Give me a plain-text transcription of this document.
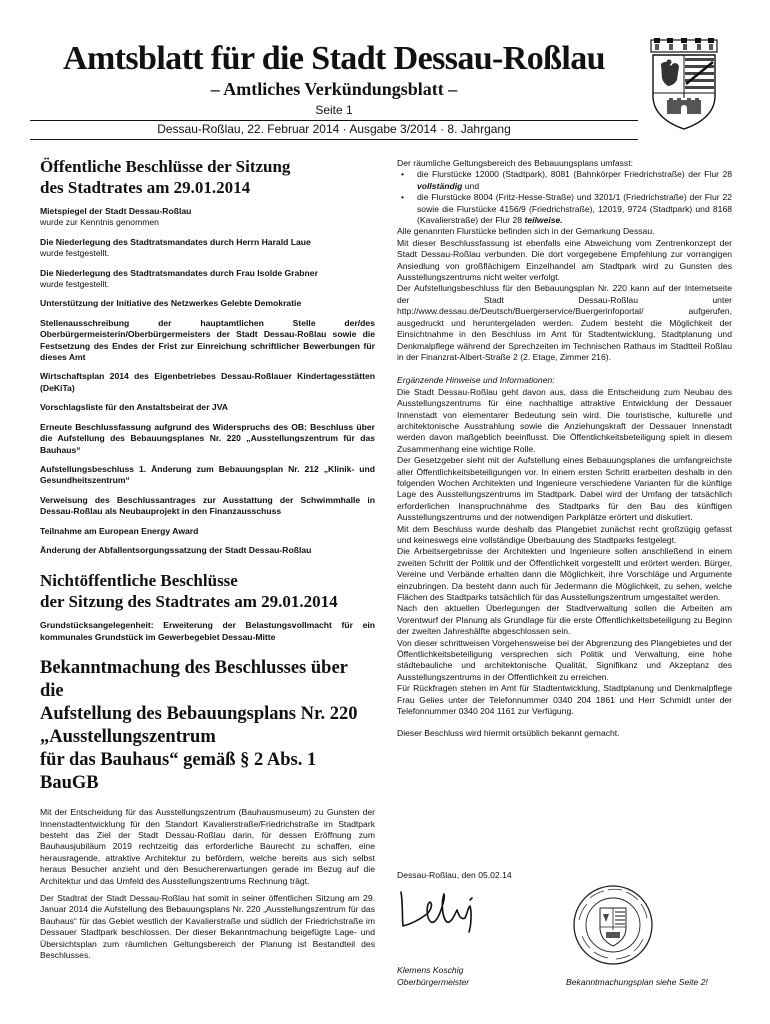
Amtsblatt für die Stadt Dessau-Roßlau
– Amtliches Verkündungsblatt –
Seite 1
Dessau-Roßlau, 22. Februar 2014 · Ausgabe 3/2014 · 8. Jahrgang
Öffentliche Beschlüsse der Sitzung
des Stadtrates am 29.01.2014
Mietspiegel der Stadt Dessau-Roßlau
wurde zur Kenntnis genommen
Die Niederlegung des Stadtratsmandates durch Herrn Harald Laue
wurde festgestellt.
Die Niederlegung des Stadtratsmandates durch Frau Isolde Grabner
wurde festgestellt.
Unterstützung der Initiative des Netzwerkes Gelebte Demokratie
Stellenausschreibung der hauptamtlichen Stelle der/des Oberbürgermeisterin/Oberbürgermeisters der Stadt Dessau-Roßlau sowie die Festsetzung des Endes der Frist zur Einreichung schriftlicher Bewerbungen für dieses Amt
Wirtschaftsplan 2014 des Eigenbetriebes Dessau-Roßlauer Kindertagesstätten (DeKiTa)
Vorschlagsliste für den Anstaltsbeirat der JVA
Erneute Beschlussfassung aufgrund des Widerspruchs des OB: Beschluss über die Aufstellung des Bebauungsplanes Nr. 220 „Ausstellungszentrum für das Bauhaus“
Aufstellungsbeschluss 1. Änderung zum Bebauungsplan Nr. 212 „Klinik- und Gesundheitszentrum“
Verweisung des Beschlussantrages zur Ausstattung der Schwimmhalle in Dessau-Roßlau als Neubauprojekt in den Finanzausschuss
Teilnahme am European Energy Award
Änderung der Abfallentsorgungssatzung der Stadt Dessau-Roßlau
Nichtöffentliche Beschlüsse
der Sitzung des Stadtrates am 29.01.2014
Grundstücksangelegenheit: Erweiterung der Belastungsvollmacht für ein kommunales Grundstück im Gewerbegebiet Dessau-Mitte
Bekanntmachung des Beschlusses über die
Aufstellung des Bebauungsplans Nr. 220
„Ausstellungszentrum
für das Bauhaus“ gemäß § 2 Abs. 1 BauGB

Mit der Entscheidung für das Ausstellungszentrum (Bauhausmuseum) zu Gunsten der Innenstadtentwicklung für den Standort Kavalierstraße/Friedrichstraße im Stadtpark besteht das Ziel der Stadt Dessau-Roßlau darin, für dessen Eröffnung zum Bauhausjubiläum 2019 rechtzeitig das erforderliche Baurecht zu schaffen, eine herausragende, attraktive Architektur zu befördern, welche bereits aus sich selbst heraus Besucher anzieht und den Besuchererwartungen gerade im Bezug auf die Architektur und das Umfeld des Ausstellungszentrums Rechnung trägt.

Der Stadtrat der Stadt Dessau-Roßlau hat somit in seiner öffentlichen Sitzung am 29. Januar 2014 die Aufstellung des Bebauungsplans Nr. 220 „Ausstellungszentrum für das Bauhaus“ für das Gebiet westlich der Kavalierstraße und südlich der Friedrichstraße im Dessauer Stadtpark beschlossen. Der dieser Bekanntmachung beigefügte Lage- und Übersichtsplan zum räumlichen Geltungsbereich der Planung ist Bestandteil des Beschlusses.

Der räumliche Geltungsbereich des Bebauungsplans umfasst:

• die Flurstücke 12000 (Stadtpark), 8081 (Bahnkörper Friedrichstraße) der Flur 28 vollständig und
• die Flurstücke 8004 (Fritz-Hesse-Straße) und 3201/1 (Friedrichstraße) der Flur 22 sowie die Flurstücke 4156/9 (Friedrichstraße), 12019, 9724 (Stadtpark) und 8168 (Kavalierstraße) der Flur 28 teilweise.

Alle genannten Flurstücke befinden sich in der Gemarkung Dessau.

Mit dieser Beschlussfassung ist ebenfalls eine Abweichung vom Zentrenkonzept der Stadt Dessau-Roßlau verbunden. Die dort vorgegebene Empfehlung zur vorrangigen Ansiedlung von großflächigem Einzelhandel am Stadtpark wird zu Gunsten des Ausstellungszentrums nicht weiter verfolgt.

Der Aufstellungsbeschluss für den Bebauungsplan Nr. 220 kann auf der Internetseite der Stadt Dessau-Roßlau unter http://www.dessau.de/Deutsch/Buergerservice/Buergerinfoportal/ aufgerufen, ausgedruckt und heruntergeladen werden. Zudem besteht die Möglichkeit der Einsichtnahme in den Beschluss im Amt für Stadtentwicklung, Stadtplanung und Denkmalpflege während der Sprechzeiten im Technischen Rathaus im Stadtteil Roßlau in der Finanzrat-Albert-Straße 2 (2. Etage, Zimmer 216).

Ergänzende Hinweise und Informationen:

Die Stadt Dessau-Roßlau geht davon aus, dass die Entscheidung zum Neubau des Ausstellungszentrums für eine nachhaltige attraktive Entwicklung der Dessauer Innenstadt von elementarer Bedeutung sein wird. Die touristische, kulturelle und architektonische Ausstrahlung sowie die Anziehungskraft der Dessauer Innenstadt werden davon maßgeblich beeinflusst. Die Öffentlichkeitsbeteiligung spielt in diesem Zusammenhang eine wichtige Rolle.

Der Gesetzgeber sieht mit der Aufstellung eines Bebauungsplanes die umfangreichste aller Öffentlichkeitsbeteiligungen vor. In einem ersten Schritt erarbeiten deshalb in den folgenden Wochen Architekten und Ingenieure verschiedene Varianten für die künftige Lage des Ausstellungszentrums im Stadtpark. Dabei wird der Umfang der tatsächlich erforderlichen Inanspruchnahme des Stadtparks für den Bau des künftigen Ausstellungszentrums und der notwendigen Parkplätze erörtert und diskutiert.

Mit dem Beschluss wurde deshalb das Plangebiet zunächst recht großzügig gefasst und keineswegs eine vollständige Überbauung des Stadtparks festgelegt.

Die Arbeitsergebnisse der Architekten und Ingenieure sollen anschließend in einem zweiten Schritt der Politik und der Öffentlichkeit vorgestellt und erörtert werden. Bürger, Vereine und Verbände erhalten dann die Möglichkeit, ihre Vorschläge und Argumente einzubringen. Da besteht dann auch für Jedermann die Möglichkeit, zu sehen, welche Flächen des Stadtparks tatsächlich für das Ausstellungszentrum umgestaltet werden.

Nach den aktuellen Überlegungen der Stadtverwaltung sollen die Arbeiten am Vorentwurf der Planung als Grundlage für die erste Öffentlichkeitsbeteiligung zu Beginn der zweiten Jahreshälfte abgeschlossen sein.

Von dieser schrittweisen Vorgehensweise bei der Abgrenzung des Plangebietes und der Öffentlichkeitsbeteiligung versprechen sich Politik und Verwaltung, eine hohe städtebauliche und architektonische Qualität, Signifikanz und Akzeptanz des Ausstellungszentrums in der Öffentlichkeit zu erreichen.

Für Rückfragen stehen im Amt für Stadtentwicklung, Stadtplanung und Denkmalpflege Frau Gelies unter der Telefonnummer 0340 204 1861 und Herr Schmidt unter der Telefonnummer 0340 204 1161 zur Verfügung.

Dieser Beschluss wird hiermit ortsüblich bekannt gemacht.

Dessau-Roßlau, den 05.02.14
Klemens Koschig
Oberbürgermeister	Bekanntmachungsplan siehe Seite 2!
